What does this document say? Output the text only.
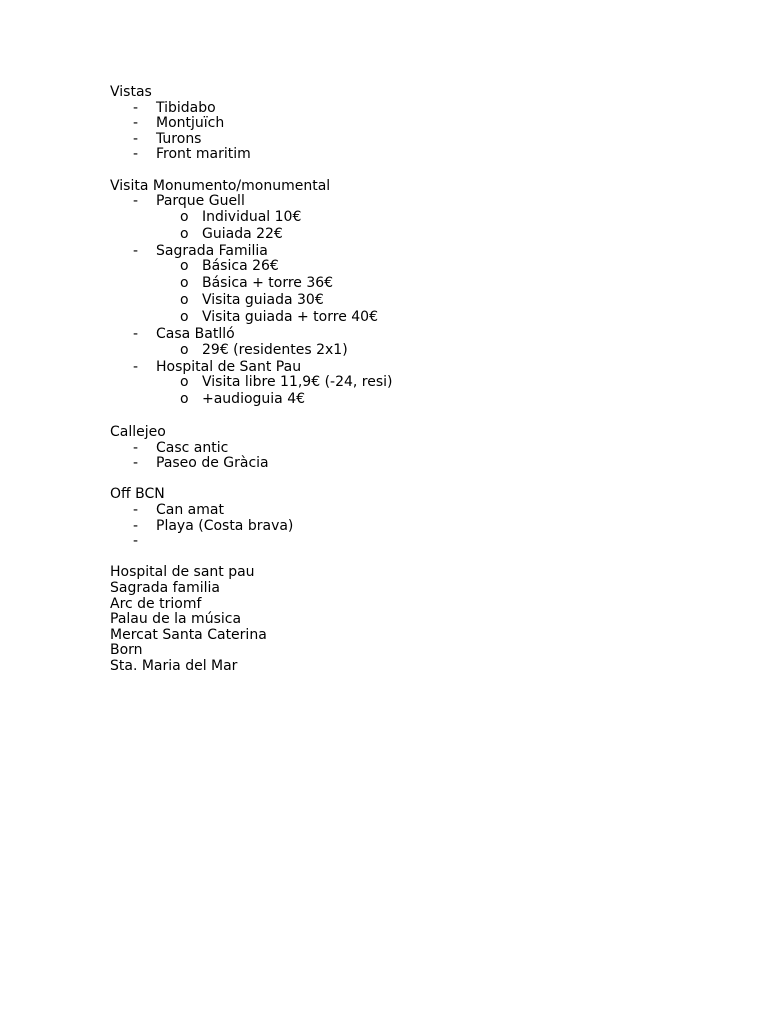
Vistas
- Tibidabo
- Montjuïch
- Turons
- Front maritim
Visita Monumento/monumental
- Parque Guell
o Individual 10€
o Guiada 22€
- Sagrada Familia
o Básica 26€
o Básica + torre 36€
o Visita guiada 30€
o Visita guiada + torre 40€
- Casa Batlló
o 29€ (residentes 2x1)
- Hospital de Sant Pau
o Visita libre 11,9€ (-24, resi)
o +audioguia 4€
Callejeo
- Casc antic
- Paseo de Gràcia
Off BCN
- Can amat
- Playa (Costa brava)
-
Hospital de sant pau
Sagrada familia
Arc de triomf
Palau de la música
Mercat Santa Caterina
Born
Sta. Maria del Mar
